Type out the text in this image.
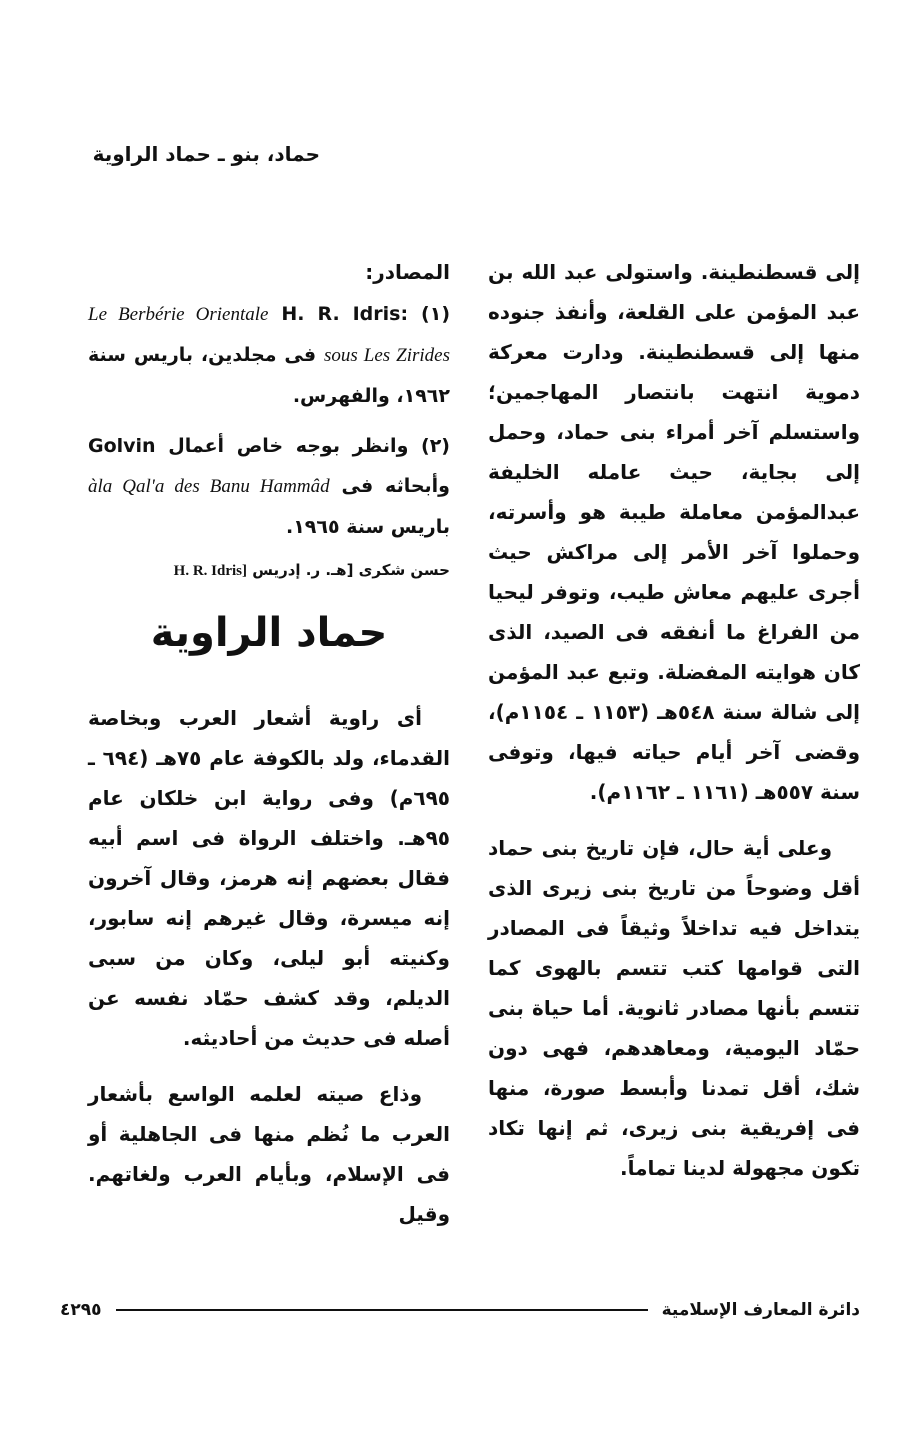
حماد، بنو ـ حماد الراوية

إلى قسطنطينة. واستولى عبد الله بن عبد المؤمن على القلعة، وأنفذ جنوده منها إلى قسطنطينة. ودارت معركة دموية انتهت بانتصار المهاجمين؛ واستسلم آخر أمراء بنى حماد، وحمل إلى بجاية، حيث عامله الخليفة عبدالمؤمن معاملة طيبة هو وأسرته، وحملوا آخر الأمر إلى مراكش حيث أجرى عليهم معاش طيب، وتوفر ليحيا من الفراغ ما أنفقه فى الصيد، الذى كان هوايته المفضلة. وتبع عبد المؤمن إلى شالة سنة ٥٤٨هـ (١١٥٣ ـ ١١٥٤م)، وقضى آخر أيام حياته فيها، وتوفى سنة ٥٥٧هـ (١١٦١ ـ ١١٦٢م).

وعلى أية حال، فإن تاريخ بنى حماد أقل وضوحاً من تاريخ بنى زيرى الذى يتداخل فيه تداخلاً وثيقاً فى المصادر التى قوامها كتب تتسم بالهوى كما تتسم بأنها مصادر ثانوية. أما حياة بنى حمّاد اليومية، ومعاهدهم، فهى دون شك، أقل تمدنا وأبسط صورة، منها فى إفريقية بنى زيرى، ثم إنها تكاد تكون مجهولة لدينا تماماً.

المصادر:
(١) H. R. Idris: Le Berbérie Orientale sous Les Zirides فى مجلدين، باريس سنة ١٩٦٢، والفهرس.
(٢) وانظر بوجه خاص أعمال Golvin وأبحاثه فى àla Qal'a des Banu Hammâd باريس سنة ١٩٦٥.
حسن شكرى [هـ. ر. إدريس H. R. Idris]
حماد الراوية

أى راوية أشعار العرب وبخاصة القدماء، ولد بالكوفة عام ٧٥هـ (٦٩٤ ـ ٦٩٥م) وفى رواية ابن خلكان عام ٩٥هـ. واختلف الرواة فى اسم أبيه فقال بعضهم إنه هرمز، وقال آخرون إنه ميسرة، وقال غيرهم إنه سابور، وكنيته أبو ليلى، وكان من سبى الديلم، وقد كشف حمّاد نفسه عن أصله فى حديث من أحاديثه.

وذاع صيته لعلمه الواسع بأشعار العرب ما نُظم منها فى الجاهلية أو فى الإسلام، وبأيام العرب ولغاتهم. وقيل

دائرة المعارف الإسلامية
٤٢٩٥
